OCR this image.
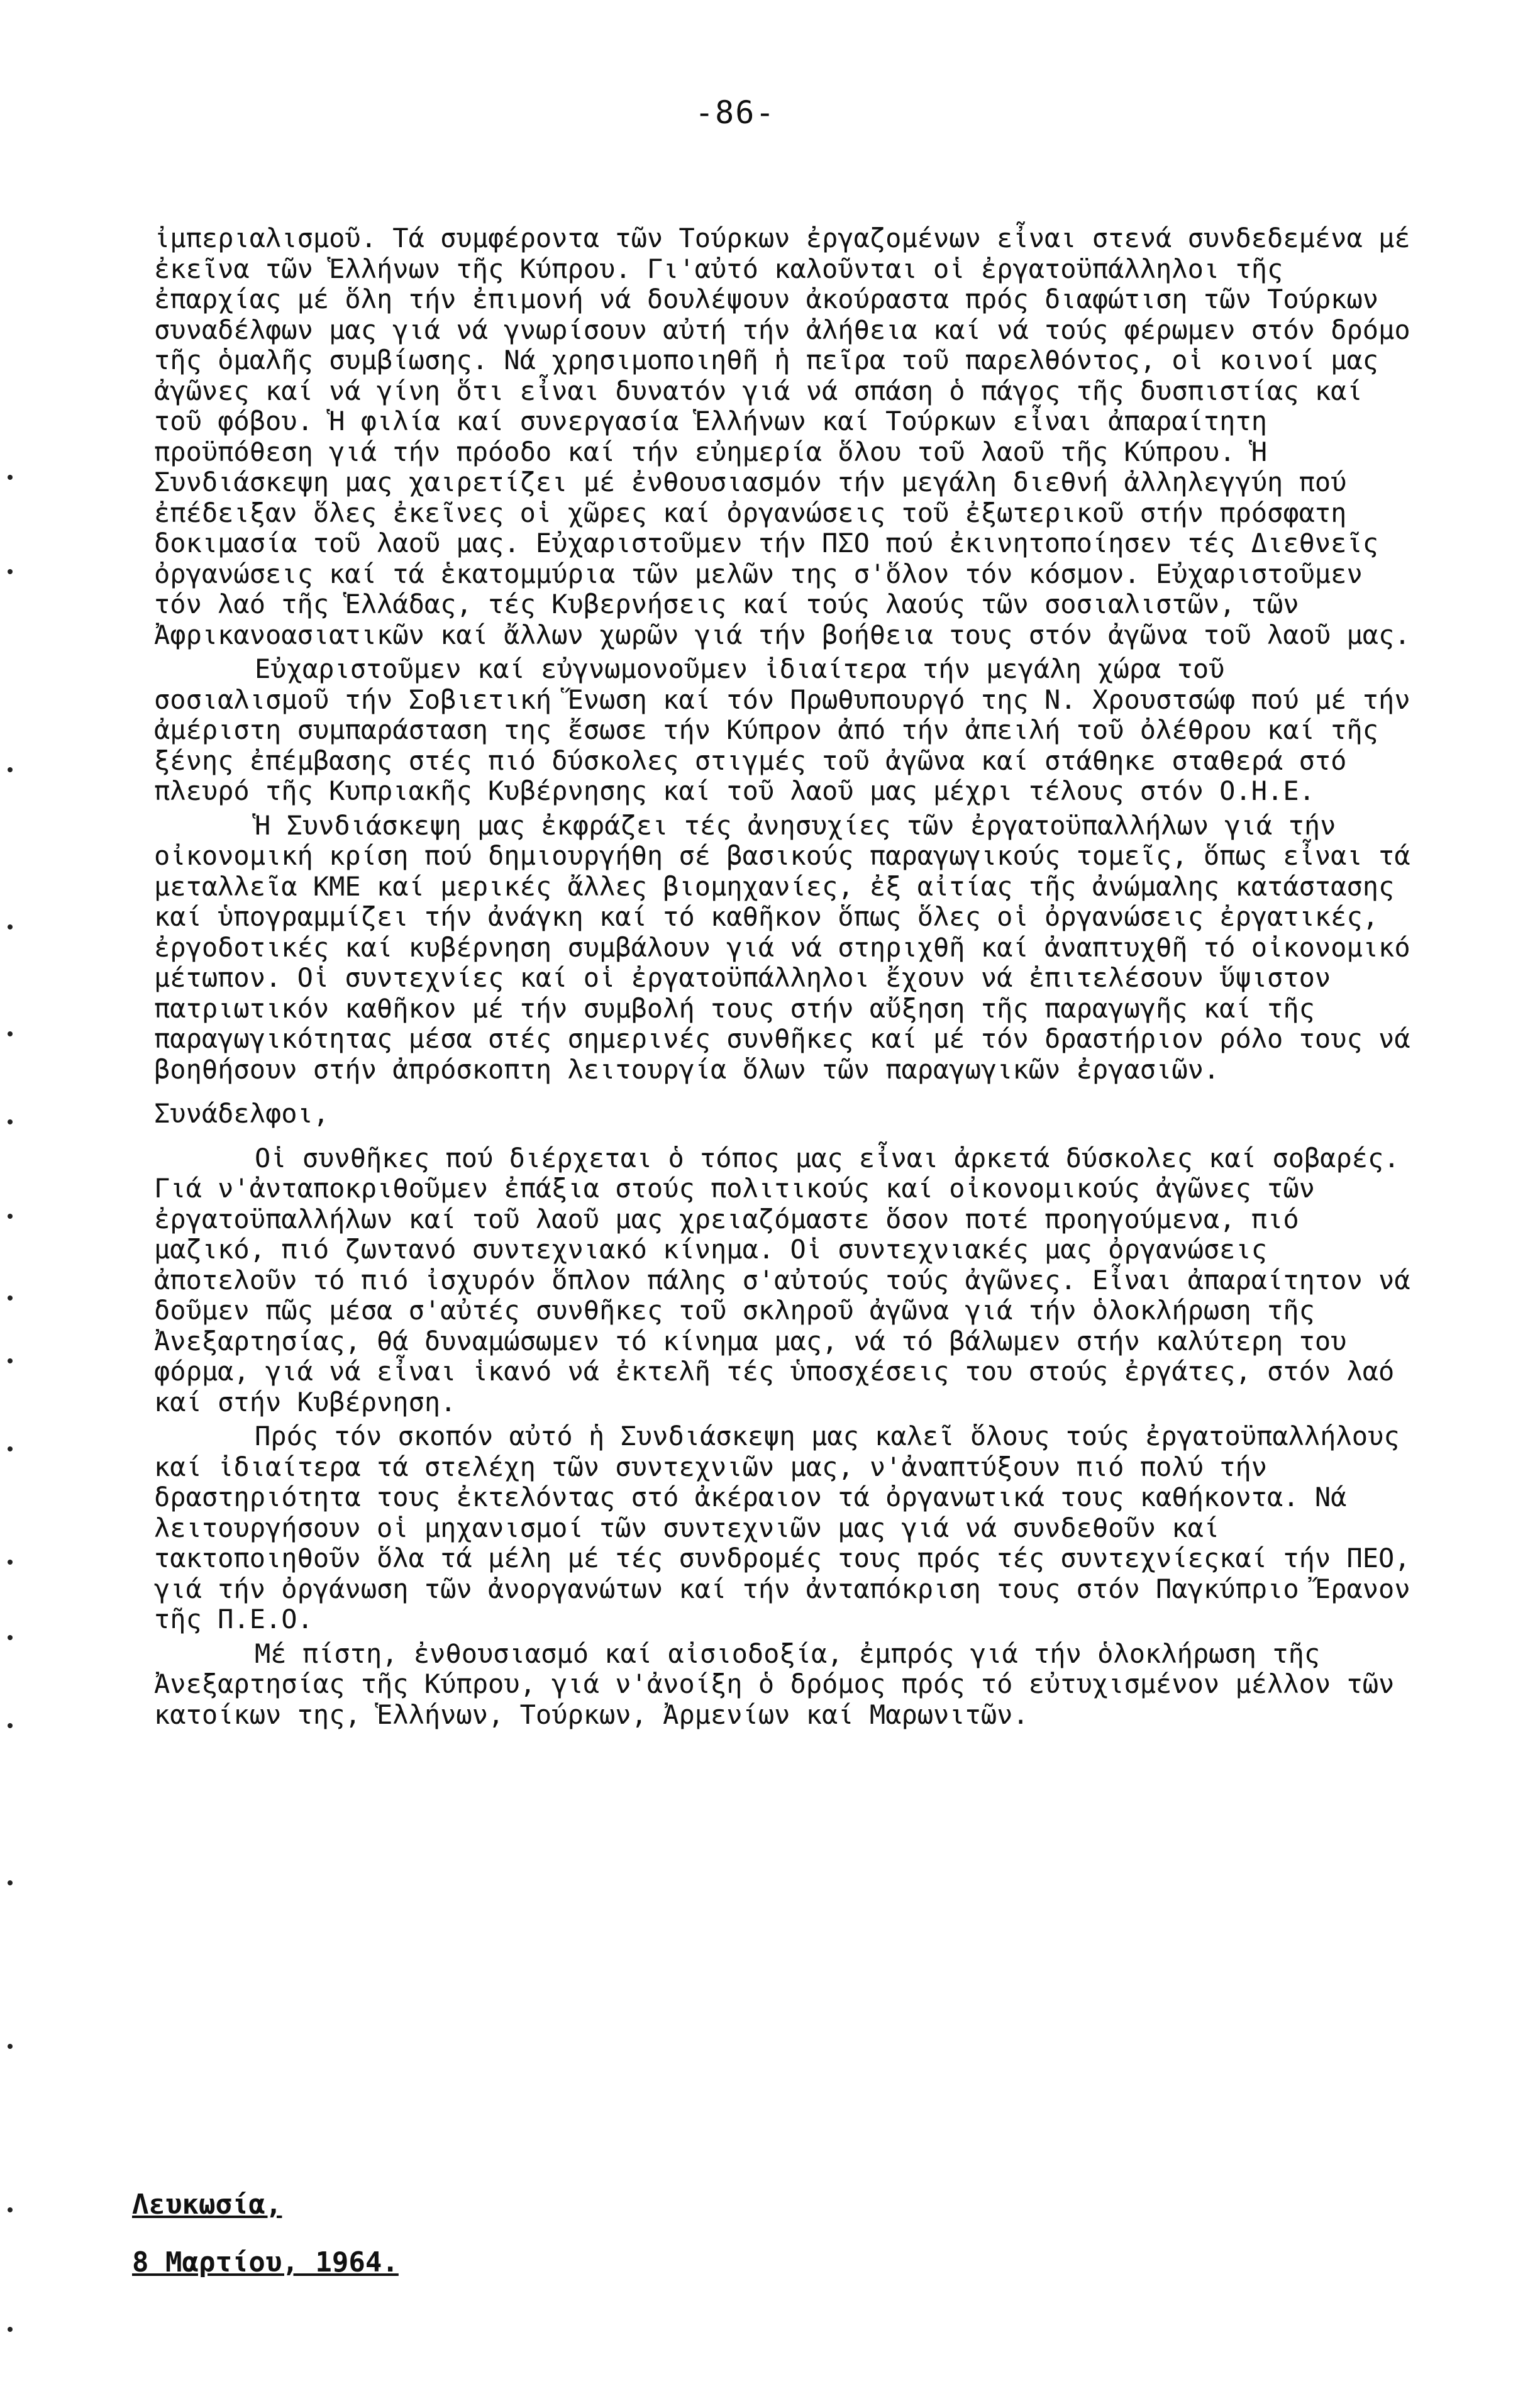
-86-

ἰμπεριαλισμοῦ. Τά συμφέροντα τῶν Τούρκων ἐργαζομένων εἶναι στενά συνδεδεμένα μέ ἐκεῖνα τῶν Ἑλλήνων τῆς Κύπρου. Γι'αὐτό καλοῦνται οἱ ἐργατοϋπάλληλοι τῆς ἐπαρχίας μέ ὅλη τήν ἐπιμονή νά δουλέψουν ἀκούραστα πρός διαφώτιση τῶν Τούρκων συναδέλφων μας γιά νά γνωρίσουν αὐτή τήν ἀλήθεια καί νά τούς φέρωμεν στόν δρόμο τῆς ὁμαλῆς συμβίωσης. Νά χρησιμοποιηθῆ ἡ πεῖρα τοῦ παρελθόντος, οἱ κοινοί μας ἀγῶνες καί νά γίνη ὅτι εἶναι δυνατόν γιά νά σπάση ὁ πάγος τῆς δυσπιστίας καί τοῦ φόβου. Ἡ φιλία καί συνεργασία Ἑλλήνων καί Τούρκων εἶναι ἀπαραίτητη προϋπόθεση γιά τήν πρόοδο καί τήν εὐημερία ὅλου τοῦ λαοῦ τῆς Κύπρου. Ἡ Συνδιάσκεψη μας χαιρετίζει μέ ἐνθουσιασμόν τήν μεγάλη διεθνή ἀλληλεγγύη πού ἐπέδειξαν ὅλες ἐκεῖνες οἱ χῶρες καί ὀργανώσεις τοῦ ἐξωτερικοῦ στήν πρόσφατη δοκιμασία τοῦ λαοῦ μας. Εὐχαριστοῦμεν τήν ΠΣΟ πού ἐκινητοποίησεν τές Διεθνεῖς ὀργανώσεις καί τά ἑκατομμύρια τῶν μελῶν της σ'ὅλον τόν κόσμον. Εὐχαριστοῦμεν τόν λαό τῆς Ἑλλάδας, τές Κυβερνήσεις καί τούς λαούς τῶν σοσιαλιστῶν, τῶν Ἀφρικανοασιατικῶν καί ἄλλων χωρῶν γιά τήν βοήθεια τους στόν ἀγῶνα τοῦ λαοῦ μας.

Εὐχαριστοῦμεν καί εὐγνωμονοῦμεν ἰδιαίτερα τήν μεγάλη χώρα τοῦ σοσιαλισμοῦ τήν Σοβιετική Ἕνωση καί τόν Πρωθυπουργό της Ν. Χρουστσώφ πού μέ τήν ἀμέριστη συμπαράσταση της ἔσωσε τήν Κύπρον ἀπό τήν ἀπειλή τοῦ ὀλέθρου καί τῆς ξένης ἐπέμβασης στές πιό δύσκολες στιγμές τοῦ ἀγῶνα καί στάθηκε σταθερά στό πλευρό τῆς Κυπριακῆς Κυβέρνησης καί τοῦ λαοῦ μας μέχρι τέλους στόν Ο.Η.Ε.

Ἡ Συνδιάσκεψη μας ἐκφράζει τές ἀνησυχίες τῶν ἐργατοϋπαλλήλων γιά τήν οἰκονομική κρίση πού δημιουργήθη σέ βασικούς παραγωγικούς τομεῖς, ὅπως εἶναι τά μεταλλεῖα ΚΜΕ καί μερικές ἄλλες βιομηχανίες, ἐξ αἰτίας τῆς ἀνώμαλης κατάστασης καί ὑπογραμμίζει τήν ἀνάγκη καί τό καθῆκον ὅπως ὅλες οἱ ὀργανώσεις ἐργατικές, ἐργοδοτικές καί κυβέρνηση συμβάλουν γιά νά στηριχθῆ καί ἀναπτυχθῆ τό οἰκονομικό μέτωπον. Οἱ συντεχνίες καί οἱ ἐργατοϋπάλληλοι ἔχουν νά ἐπιτελέσουν ὕψιστον πατριωτικόν καθῆκον μέ τήν συμβολή τους στήν αὔξηση τῆς παραγωγῆς καί τῆς παραγωγικότητας μέσα στές σημερινές συνθῆκες καί μέ τόν δραστήριον ρόλο τους νά βοηθήσουν στήν ἀπρόσκοπτη λειτουργία ὅλων τῶν παραγωγικῶν ἐργασιῶν.

Συνάδελφοι,

Οἱ συνθῆκες πού διέρχεται ὁ τόπος μας εἶναι ἀρκετά δύσκολες καί σοβαρές. Γιά ν'ἀνταποκριθοῦμεν ἐπάξια στούς πολιτικούς καί οἰκονομικούς ἀγῶνες τῶν ἐργατοϋπαλλήλων καί τοῦ λαοῦ μας χρειαζόμαστε ὅσον ποτέ προηγούμενα, πιό μαζικό, πιό ζωντανό συντεχνιακό κίνημα. Οἱ συντεχνιακές μας ὀργανώσεις ἀποτελοῦν τό πιό ἰσχυρόν ὅπλον πάλης σ'αὐτούς τούς ἀγῶνες. Εἶναι ἀπαραίτητον νά δοῦμεν πῶς μέσα σ'αὐτές συνθῆκες τοῦ σκληροῦ ἀγῶνα γιά τήν ὁλοκλήρωση τῆς Ἀνεξαρτησίας, θά δυναμώσωμεν τό κίνημα μας, νά τό βάλωμεν στήν καλύτερη του φόρμα, γιά νά εἶναι ἱκανό νά ἐκτελῆ τές ὑποσχέσεις του στούς ἐργάτες, στόν λαό καί στήν Κυβέρνηση.

Πρός τόν σκοπόν αὐτό ἡ Συνδιάσκεψη μας καλεῖ ὅλους τούς ἐργατοϋπαλλήλους καί ἰδιαίτερα τά στελέχη τῶν συντεχνιῶν μας, ν'ἀναπτύξουν πιό πολύ τήν δραστηριότητα τους ἐκτελόντας στό ἀκέραιον τά ὀργανωτικά τους καθήκοντα. Νά λειτουργήσουν οἱ μηχανισμοί τῶν συντεχνιῶν μας γιά νά συνδεθοῦν καί τακτοποιηθοῦν ὅλα τά μέλη μέ τές συνδρομές τους πρός τές συντεχνίεςκαί τήν ΠΕΟ, γιά τήν ὀργάνωση τῶν ἀνοργανώτων καί τήν ἀνταπόκριση τους στόν Παγκύπριο Ἔρανον τῆς Π.Ε.Ο.

Μέ πίστη, ἐνθουσιασμό καί αἰσιοδοξία, ἐμπρός γιά τήν ὁλοκλήρωση τῆς Ἀνεξαρτησίας τῆς Κύπρου, γιά ν'ἀνοίξη ὁ δρόμος πρός τό εὐτυχισμένον μέλλον τῶν κατοίκων της, Ἑλλήνων, Τούρκων, Ἀρμενίων καί Μαρωνιτῶν.

Λευκωσία,
8 Μαρτίου, 1964.
